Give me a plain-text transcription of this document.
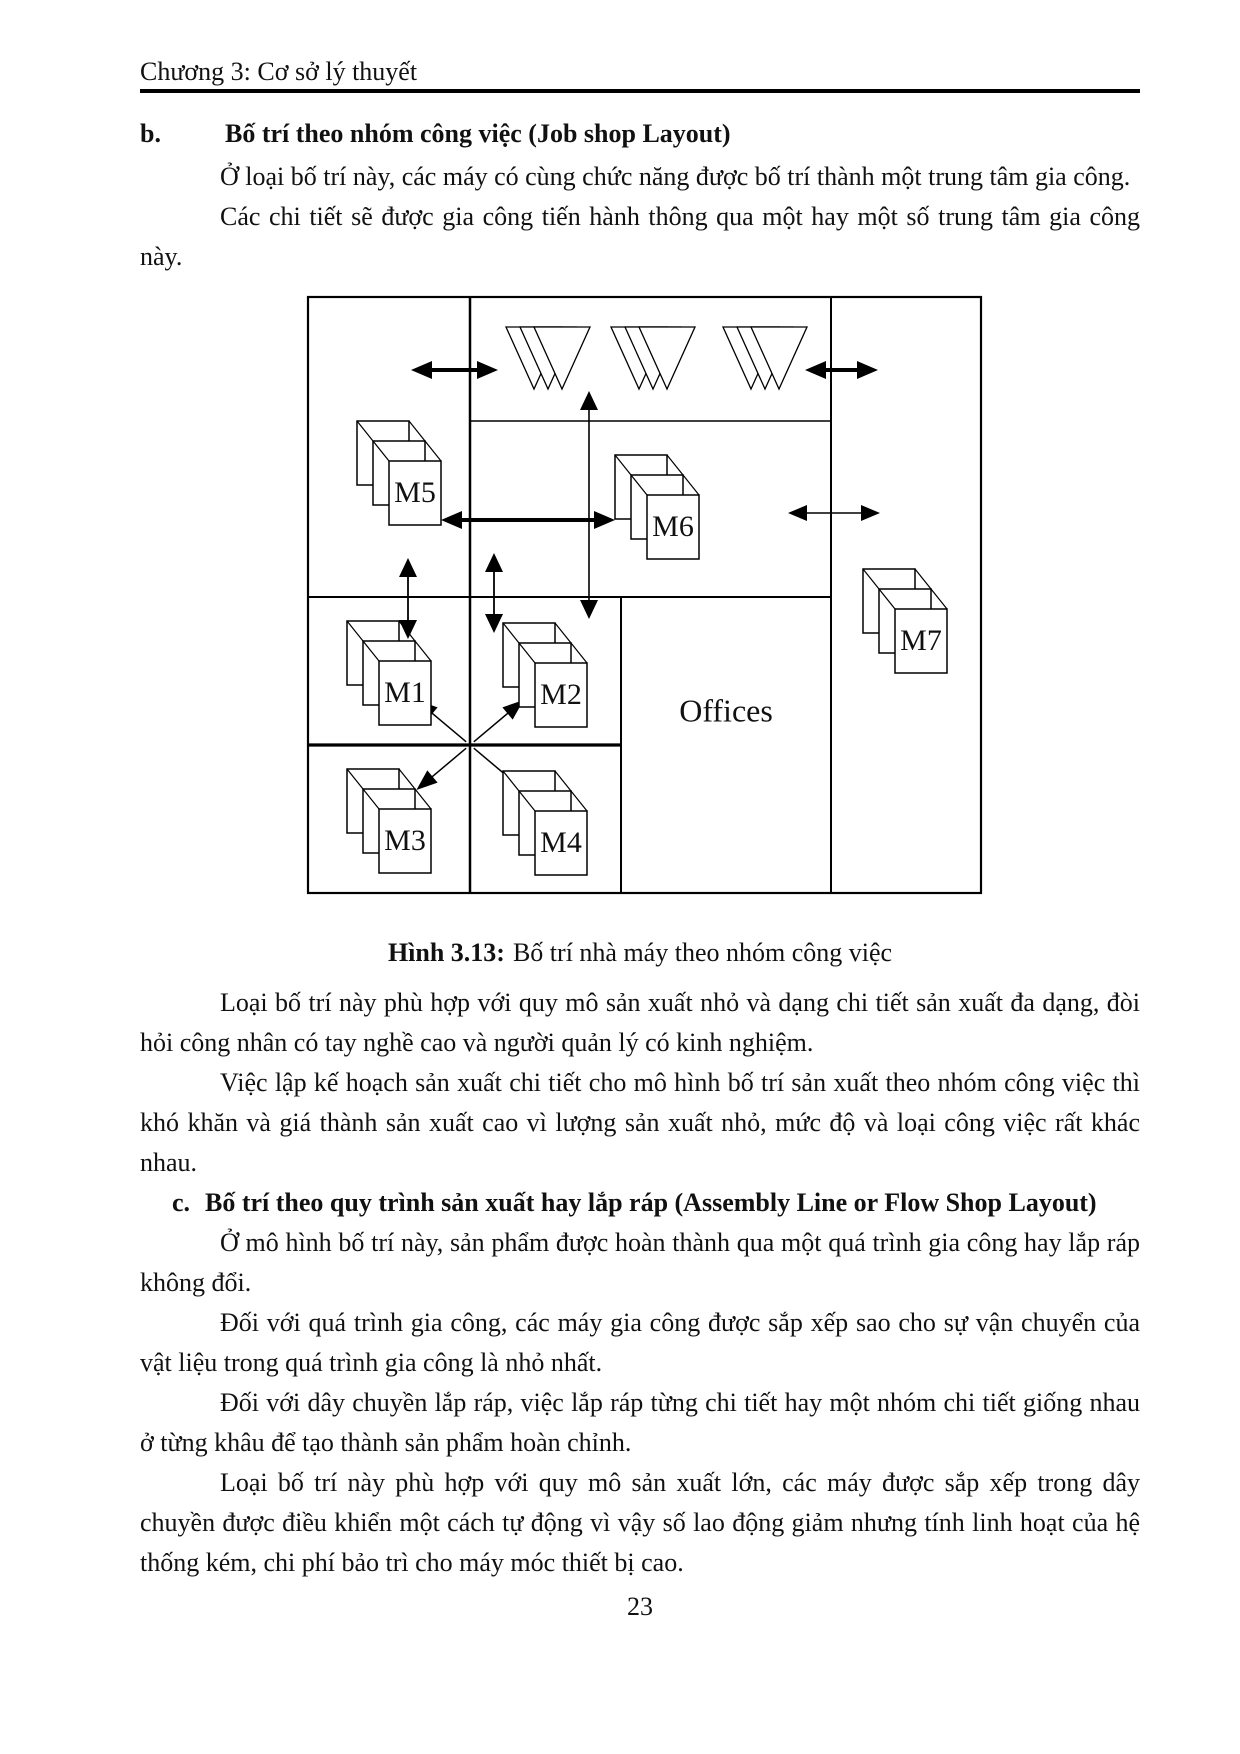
Chương 3: Cơ sở lý thuyết

b. Bố trí theo nhóm công việc (Job shop Layout)

Ở loại bố trí này, các máy có cùng chức năng được bố trí thành một trung tâm gia công.

Các chi tiết sẽ được gia công tiến hành thông qua một hay một số trung tâm gia công này.

M5
M6
M1	M2
M3	M4
M7
Offices
Hình 3.13: Bố trí nhà máy theo nhóm công việc

Loại bố trí này phù hợp với quy mô sản xuất nhỏ và dạng chi tiết sản xuất đa dạng, đòi hỏi công nhân có tay nghề cao và người quản lý có kinh nghiệm.

Việc lập kế hoạch sản xuất chi tiết cho mô hình bố trí sản xuất theo nhóm công việc thì khó khăn và giá thành sản xuất cao vì lượng sản xuất nhỏ, mức độ và loại công việc rất khác nhau.

c. Bố trí theo quy trình sản xuất hay lắp ráp (Assembly Line or Flow Shop Layout)

Ở mô hình bố trí này, sản phẩm được hoàn thành qua một quá trình gia công hay lắp ráp không đổi.

Đối với quá trình gia công, các máy gia công được sắp xếp sao cho sự vận chuyển của vật liệu trong quá trình gia công là nhỏ nhất.

Đối với dây chuyền lắp ráp, việc lắp ráp từng chi tiết hay một nhóm chi tiết giống nhau ở từng khâu để tạo thành sản phẩm hoàn chỉnh.

Loại bố trí này phù hợp với quy mô sản xuất lớn, các máy được sắp xếp trong dây chuyền được điều khiển một cách tự động vì vậy số lao động giảm nhưng tính linh hoạt của hệ thống kém, chi phí bảo trì cho máy móc thiết bị cao.

23
